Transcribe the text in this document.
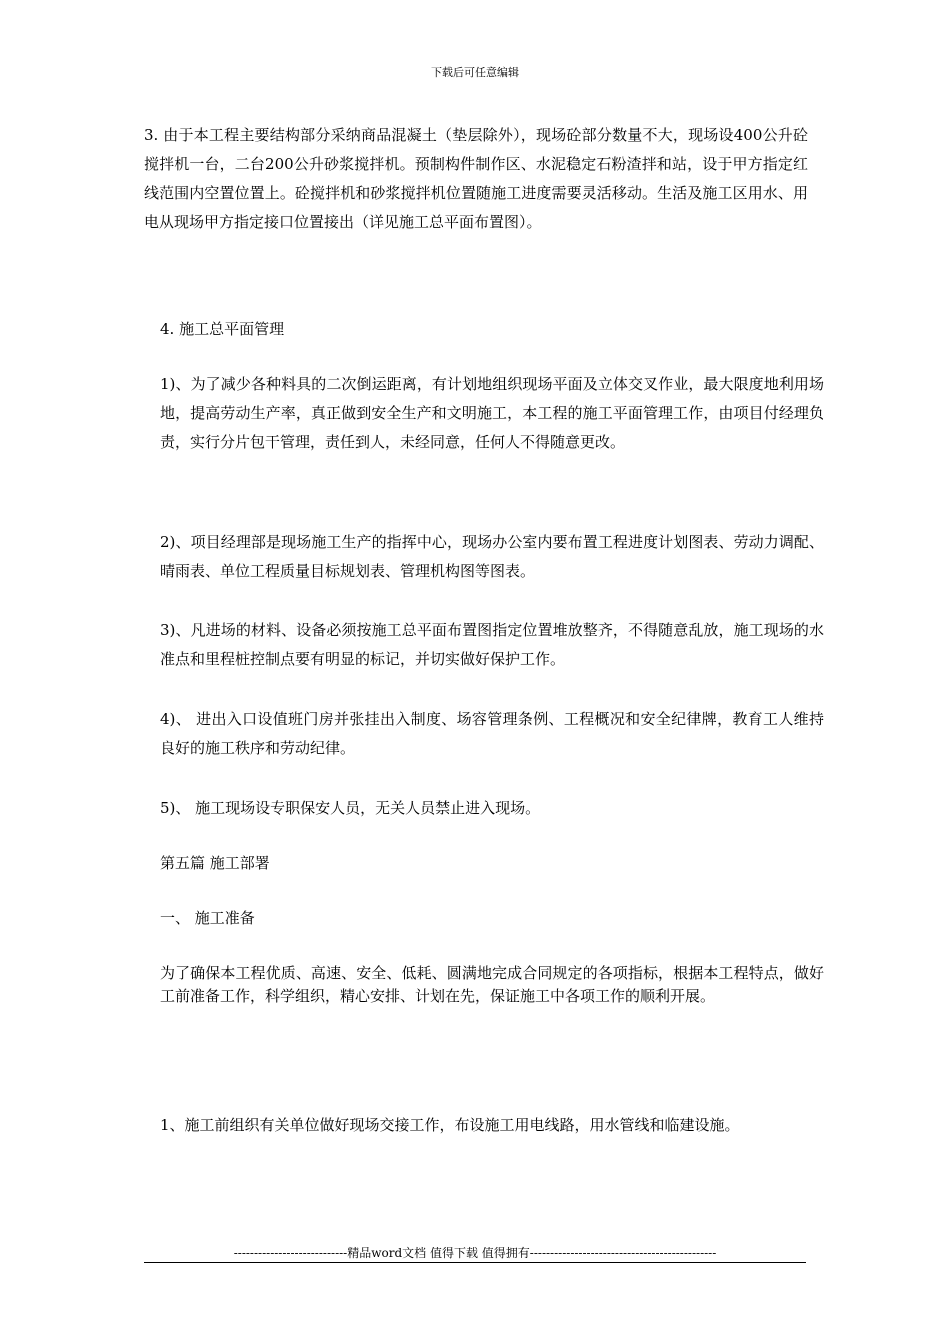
下载后可任意编辑

3. 由于本工程主要结构部分采纳商品混凝土（垫层除外），现场砼部分数量不大，现场设400公升砼搅拌机一台，二台200公升砂浆搅拌机。预制构件制作区、水泥稳定石粉渣拌和站，设于甲方指定红线范围内空置位置上。砼搅拌机和砂浆搅拌机位置随施工进度需要灵活移动。生活及施工区用水、用电从现场甲方指定接口位置接出（详见施工总平面布置图）。

4. 施工总平面管理

1)、为了减少各种料具的二次倒运距离，有计划地组织现场平面及立体交叉作业，最大限度地利用场地，提高劳动生产率，真正做到安全生产和文明施工，本工程的施工平面管理工作，由项目付经理负责，实行分片包干管理，责任到人，未经同意，任何人不得随意更改。

2)、项目经理部是现场施工生产的指挥中心，现场办公室内要布置工程进度计划图表、劳动力调配、晴雨表、单位工程质量目标规划表、管理机构图等图表。

3)、凡进场的材料、设备必须按施工总平面布置图指定位置堆放整齐，不得随意乱放，施工现场的水准点和里程桩控制点要有明显的标记，并切实做好保护工作。

4)、 进出入口设值班门房并张挂出入制度、场容管理条例、工程概况和安全纪律牌，教育工人维持良好的施工秩序和劳动纪律。

5)、 施工现场设专职保安人员，无关人员禁止进入现场。

第五篇 施工部署

一、 施工准备

为了确保本工程优质、高速、安全、低耗、圆满地完成合同规定的各项指标，根据本工程特点，做好工前准备工作，科学组织，精心安排、计划在先，保证施工中各项工作的顺利开展。

1、施工前组织有关单位做好现场交接工作，布设施工用电线路，用水管线和临建设施。

----------------------------精品word文档 值得下载 值得拥有----------------------------------------------
